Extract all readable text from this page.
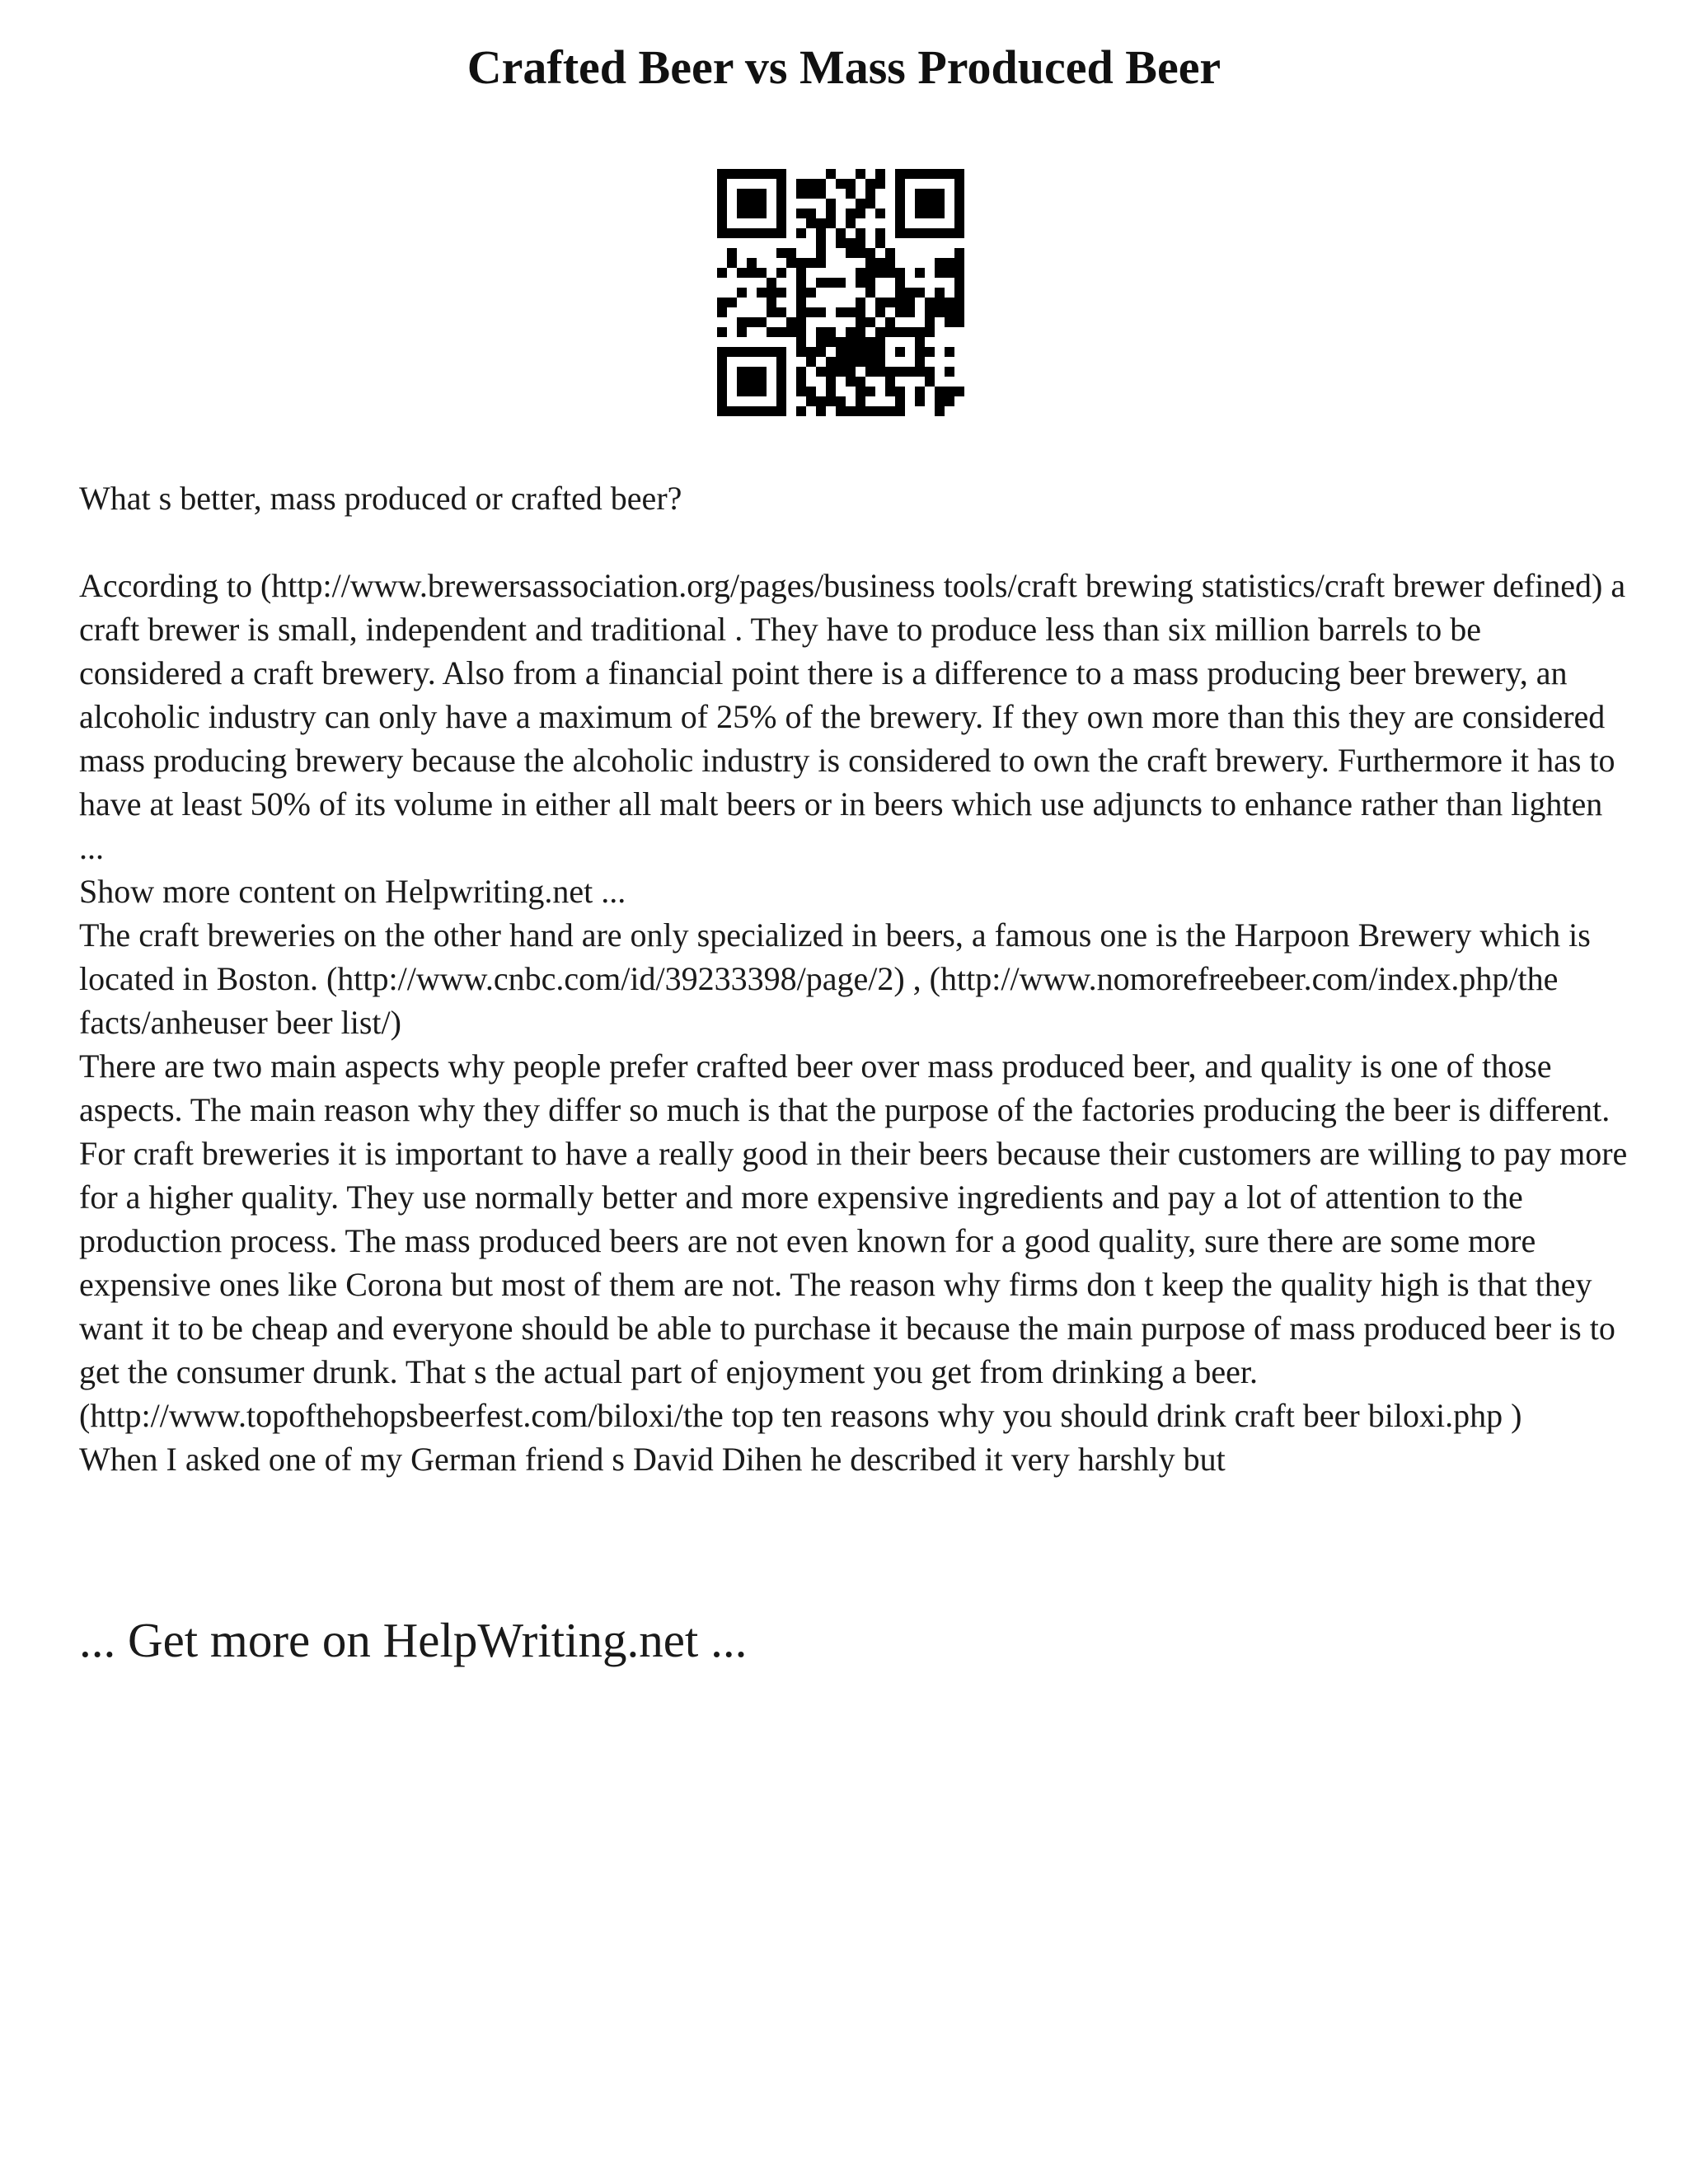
Crafted Beer vs Mass Produced Beer

What s better, mass produced or crafted beer?

According to (http://www.brewersassociation.org/pages/business tools/craft brewing statistics/craft brewer defined) a craft brewer is small, independent and traditional . They have to produce less than six million barrels to be considered a craft brewery. Also from a financial point there is a difference to a mass producing beer brewery, an alcoholic industry can only have a maximum of 25% of the brewery. If they own more than this they are considered mass producing brewery because the alcoholic industry is considered to own the craft brewery. Furthermore it has to have at least 50% of its volume in either all malt beers or in beers which use adjuncts to enhance rather than lighten ...

Show more content on Helpwriting.net ...

The craft breweries on the other hand are only specialized in beers, a famous one is the Harpoon Brewery which is located in Boston. (http://www.cnbc.com/id/39233398/page/2) , (http://www.nomorefreebeer.com/index.php/the facts/anheuser beer list/)

There are two main aspects why people prefer crafted beer over mass produced beer, and quality is one of those aspects. The main reason why they differ so much is that the purpose of the factories producing the beer is different. For craft breweries it is important to have a really good in their beers because their customers are willing to pay more for a higher quality. They use normally better and more expensive ingredients and pay a lot of attention to the production process. The mass produced beers are not even known for a good quality, sure there are some more expensive ones like Corona but most of them are not. The reason why firms don t keep the quality high is that they want it to be cheap and everyone should be able to purchase it because the main purpose of mass produced beer is to get the consumer drunk. That s the actual part of enjoyment you get from drinking a beer. (http://www.topofthehopsbeerfest.com/biloxi/the top ten reasons why you should drink craft beer biloxi.php )

When I asked one of my German friend s David Dihen he described it very harshly but

... Get more on HelpWriting.net ...
